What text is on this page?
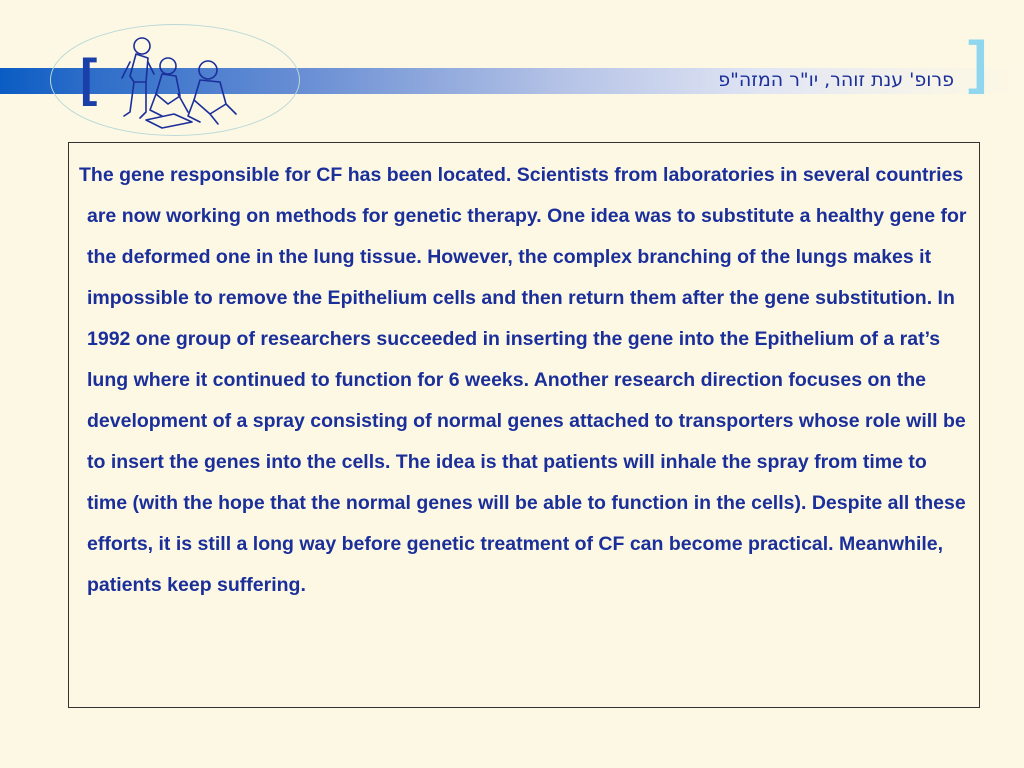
[	]
פרופ' ענת זוהר, יו"ר המזה"פ
The gene responsible for CF has been located. Scientists from laboratories in several countries are now working on methods for genetic therapy. One idea was to substitute a healthy gene for the deformed one in the lung tissue. However, the complex branching of the lungs makes it impossible to remove the Epithelium cells and then return them after the gene substitution. In 1992 one group of researchers succeeded in inserting the gene into the Epithelium of a rat’s lung where it continued to function for 6 weeks. Another research direction focuses on the development of a spray consisting of normal genes attached to transporters whose role will be to insert the genes into the cells. The idea is that patients will inhale the spray from time to time (with the hope that the normal genes will be able to function in the cells). Despite all these efforts, it is still a long way before genetic treatment of CF can become practical. Meanwhile, patients keep suffering.
